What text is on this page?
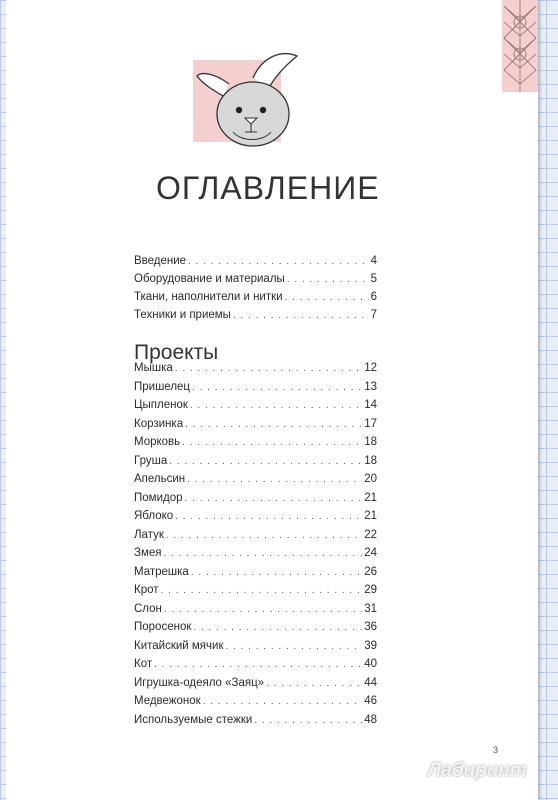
ОГЛАВЛЕНИЕ
Введение . . .	4
Оборудование и материалы . . .	5
Ткани, наполнители и нитки . . .	6
Техники и приемы . . .	7
Проекты
Мышка . . .	12
Пришелец . . .	13
Цыпленок . . .	14
Корзинка . . .	17
Морковь . . .	18
Груша . . .	18
Апельсин . . .	20
Помидор . . .	21
Яблоко . . .	21
Латук . . .	22
Змея . . .	24
Матрешка . . .	26
Крот . . .	29
Слон . . .	31
Поросенок . . .	36
Китайский мячик . . .	39
Кот . . .	40
Игрушка-одеяло «Заяц» . . .	44
Медвежонок . . .	46
Используемые стежки . . .	48
3
Лабиринт
